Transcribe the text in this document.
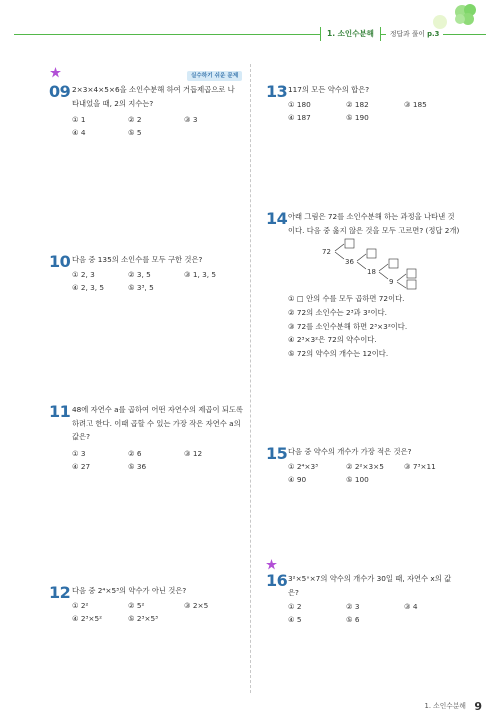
1. 소인수분해	정답과 풀이 p.3
실수하기 쉬운 문제
09 2×3×4×5×6을 소인수분해 하여 거듭제곱으로 나
타내었을 때, 2의 지수는?
① 1	② 2	③ 3
④ 4	⑤ 5
10 다음 중 135의 소인수를 모두 구한 것은?
① 2, 3	② 3, 5	③ 1, 3, 5
④ 2, 3, 5	⑤ 3³, 5
11 48에 자연수 a를 곱하여 어떤 자연수의 제곱이 되도록
하려고 한다. 이때 곱할 수 있는 가장 작은 자연수 a의
값은?
① 3	② 6	③ 12
④ 27	⑤ 36
12 다음 중 2⁴×5³의 약수가 아닌 것은?
① 2²	② 5²	③ 2×5
④ 2³×5²	⑤ 2³×5³
13 117의 모든 약수의 합은?
① 180	② 182	③ 185
④ 187	⑤ 190
14 아래 그림은 72를 소인수분해 하는 과정을 나타낸 것
이다. 다음 중 옳지 않은 것을 모두 고르면? (정답 2개)
72
36
18
9
① □ 안의 수를 모두 곱하면 72이다.
② 72의 소인수는 2³과 3²이다.
③ 72를 소인수분해 하면 2³×3²이다.
④ 2³×3²은 72의 약수이다.
⑤ 72의 약수의 개수는 12이다.
15 다음 중 약수의 개수가 가장 적은 것은?
① 2⁴×3³	② 2²×3×5	③ 7³×11
④ 90	⑤ 100
16 3²×5ˣ×7의 약수의 개수가 30일 때, 자연수 x의 값
은?
① 2	② 3	③ 4
④ 5	⑤ 6
1. 소인수분해 9
